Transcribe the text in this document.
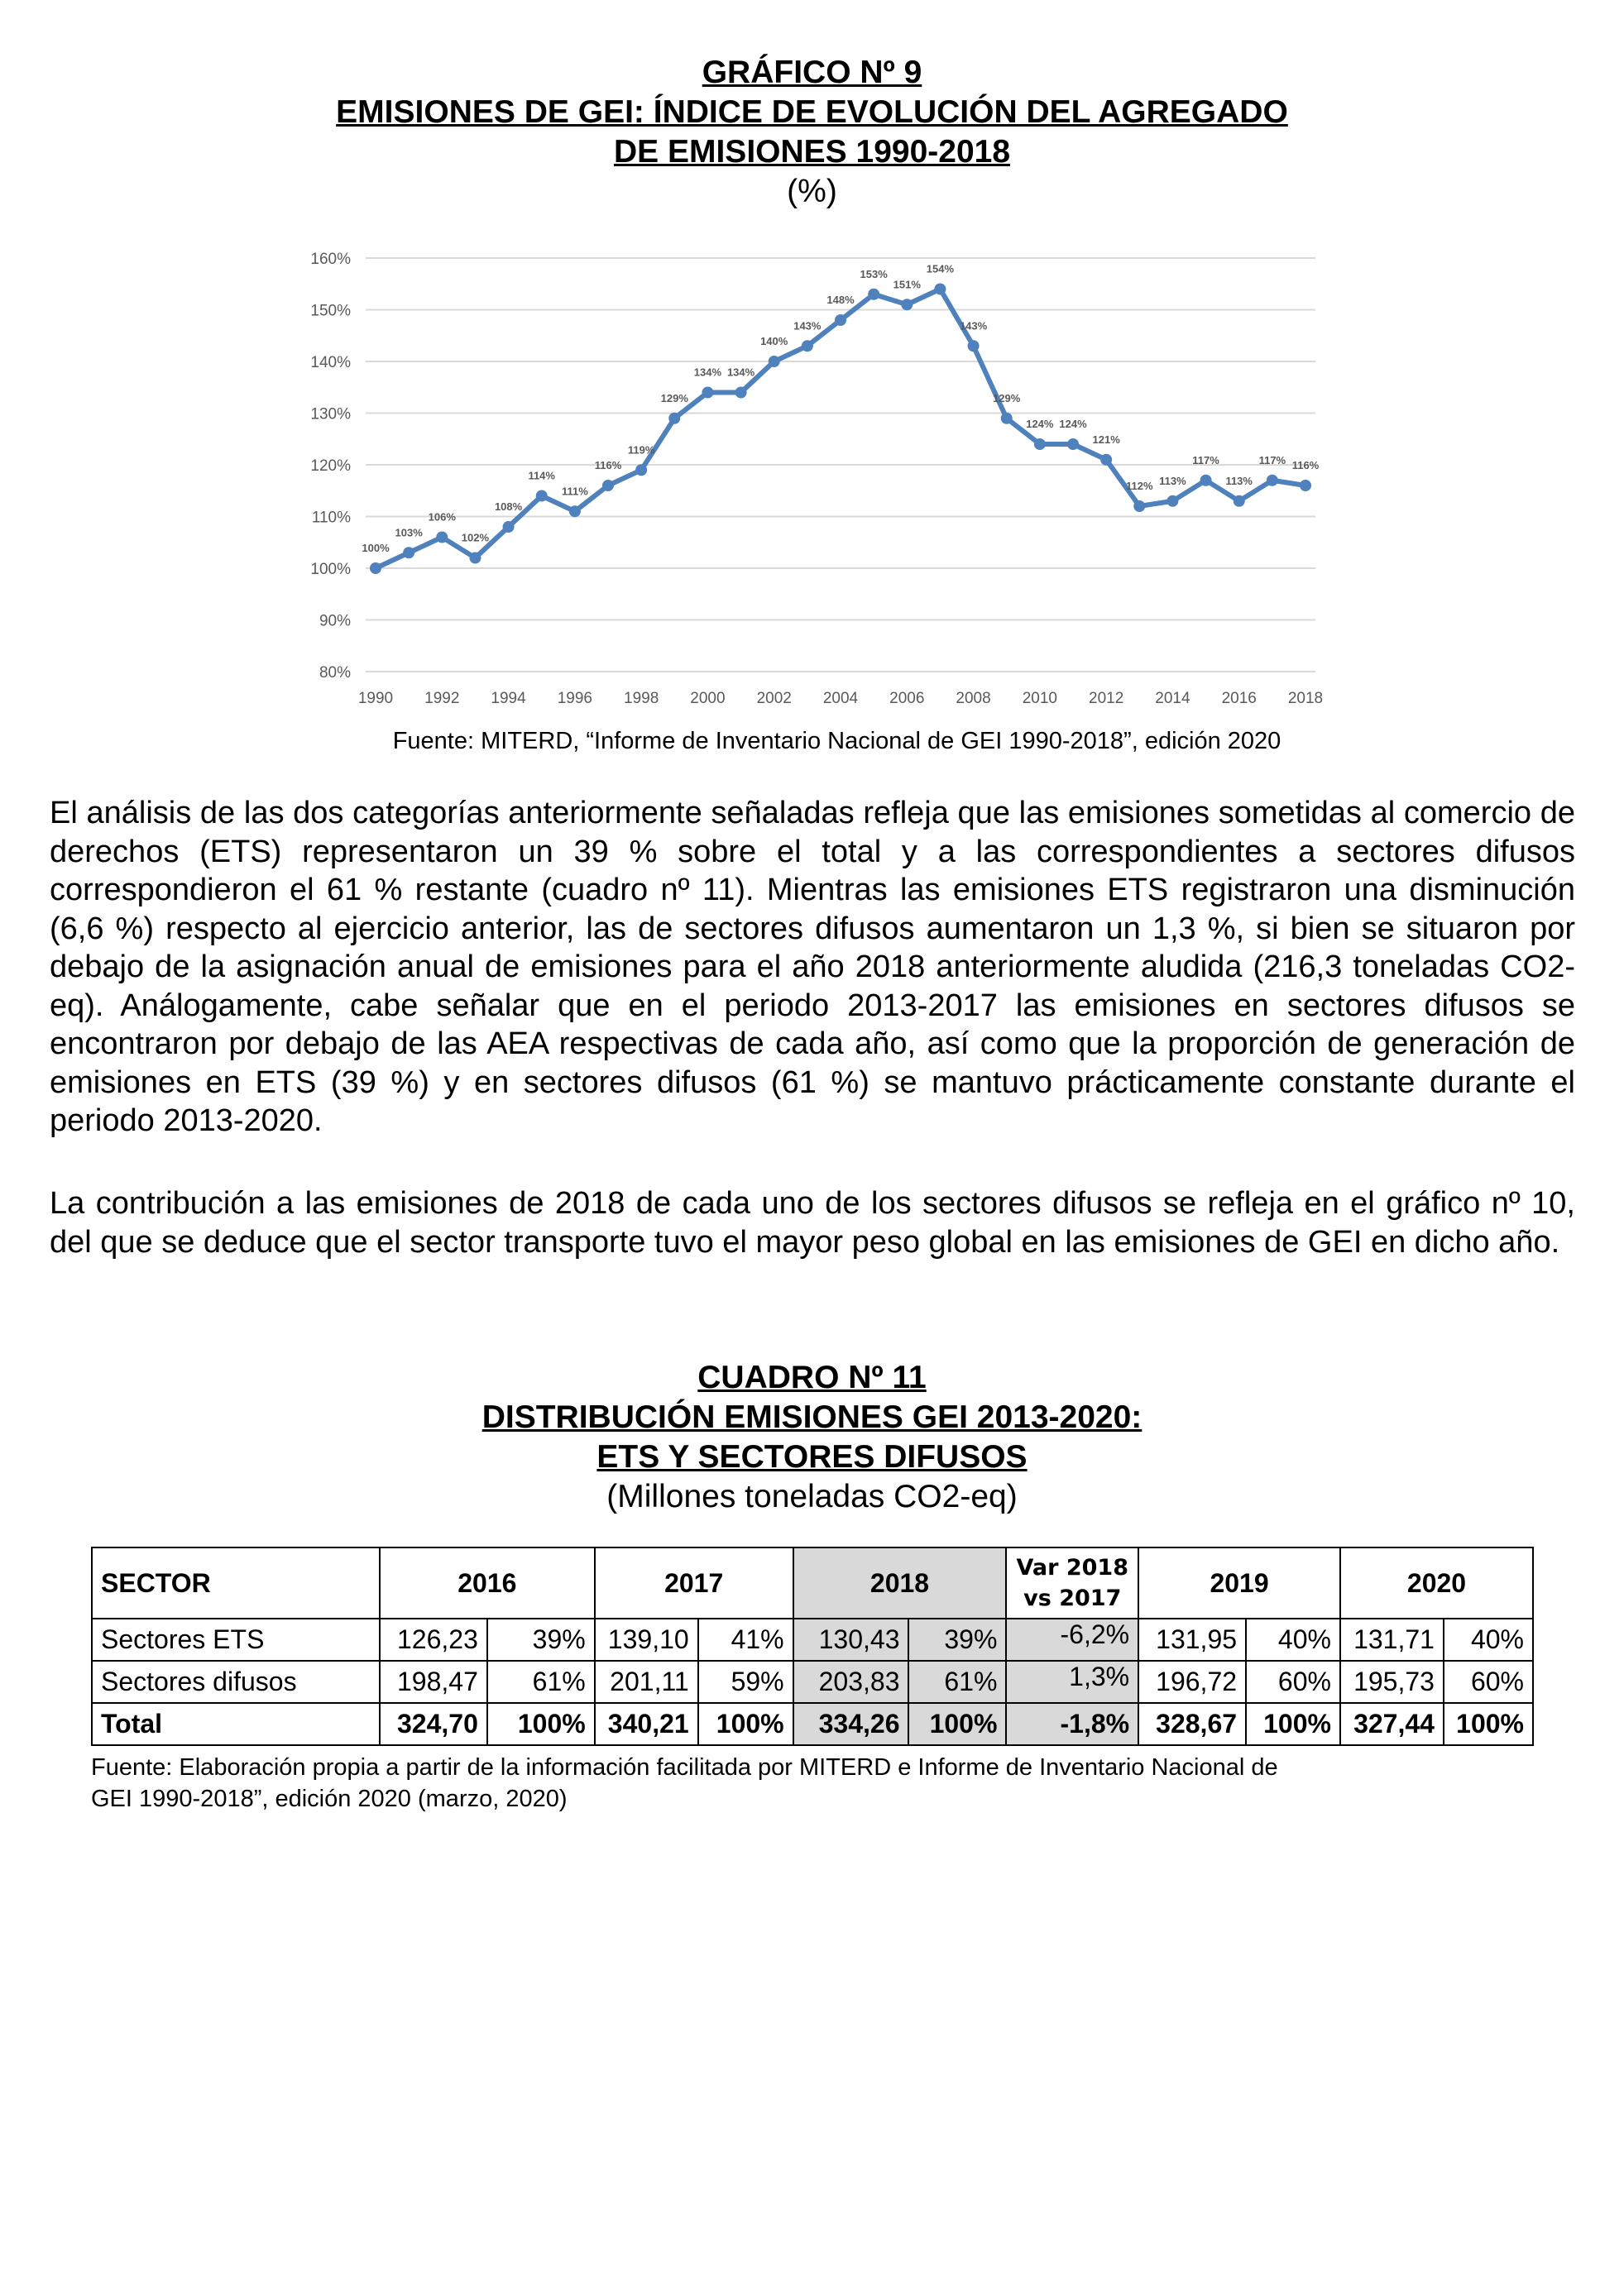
GRÁFICO Nº 9
EMISIONES DE GEI: ÍNDICE DE EVOLUCIÓN DEL AGREGADO
DE EMISIONES 1990-2018
(%)
80%
90%
100%
110%
120%
130%
140%
150%
160%
1990 1992 1994 1996 1998 2000 2002 2004 2006 2008 2010 2012 2014 2016 2018
100%
103%
106%
102%
108%
114%
111%
116%
119%
129%
134% 134%
140%
143%
148%
153%
151%
154%
143%
129%
124% 124%
121%
112% 113%
117%
113%
117% 116%
Fuente: MITERD, “Informe de Inventario Nacional de GEI 1990-2018”, edición 2020

El análisis de las dos categorías anteriormente señaladas refleja que las emisiones sometidas al comercio de derechos (ETS) representaron un 39 % sobre el total y a las correspondientes a sectores difusos correspondieron el 61 % restante (cuadro nº 11). Mientras las emisiones ETS registraron una disminución (6,6 %) respecto al ejercicio anterior, las de sectores difusos aumentaron un 1,3 %, si bien se situaron por debajo de la asignación anual de emisiones para el año 2018 anteriormente aludida (216,3 toneladas CO2-eq). Análogamente, cabe señalar que en el periodo 2013-2017 las emisiones en sectores difusos se encontraron por debajo de las AEA respectivas de cada año, así como que la proporción de generación de emisiones en ETS (39 %) y en sectores difusos (61 %) se mantuvo prácticamente constante durante el periodo 2013-2020.

La contribución a las emisiones de 2018 de cada uno de los sectores difusos se refleja en el gráfico nº 10, del que se deduce que el sector transporte tuvo el mayor peso global en las emisiones de GEI en dicho año.

CUADRO Nº 11
DISTRIBUCIÓN EMISIONES GEI 2013-2020:
ETS Y SECTORES DIFUSOS
(Millones toneladas CO2-eq)
SECTOR	2016		2017		2018		Var 2018
vs 2017	2019		2020	
Sectores ETS	126,23	39%	139,10	41%	130,43	39%	-6,2%	131,95	40%	131,71	40%
Sectores difusos	198,47	61%	201,11	59%	203,83	61%	1,3%	196,72	60%	195,73	60%
Total	324,70	100%	340,21	100%	334,26	100%	-1,8%	328,67	100%	327,44	100%
Fuente: Elaboración propia a partir de la información facilitada por MITERD e Informe de Inventario Nacional de
GEI 1990-2018”, edición 2020 (marzo, 2020)
